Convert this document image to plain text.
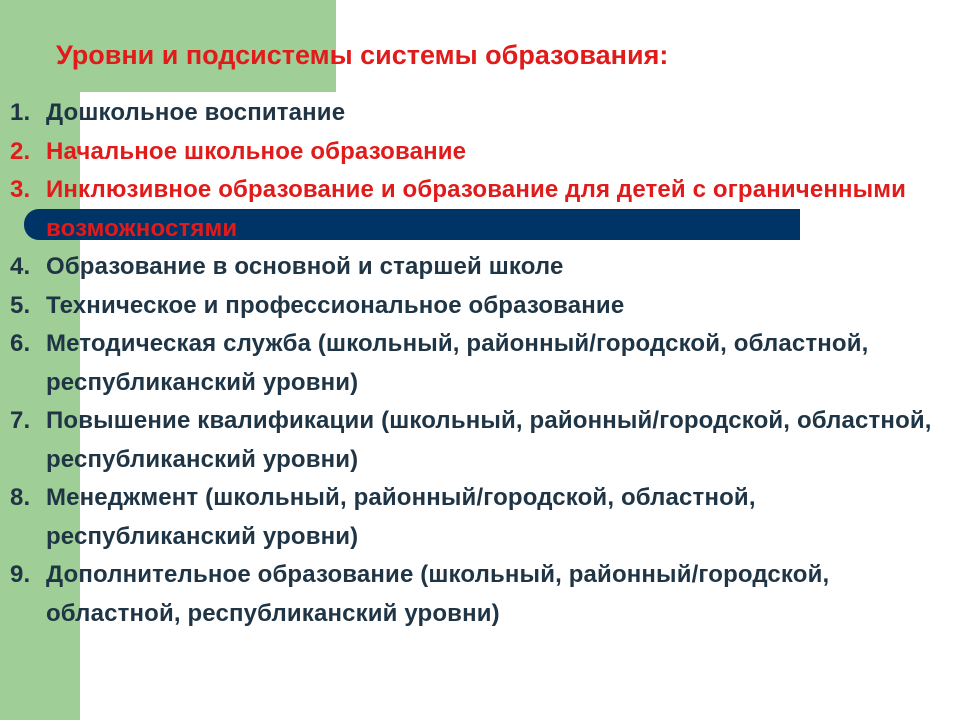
Уровни и подсистемы системы образования:
1. Дошкольное воспитание
2. Начальное школьное образование
3. Инклюзивное образование и образование для детей с ограниченными возможностями
4. Образование в основной и старшей школе
5. Техническое и профессиональное образование
6. Методическая служба (школьный, районный/городской, областной, республиканский уровни)
7. Повышение квалификации (школьный, районный/городской, областной, республиканский уровни)
8. Менеджмент (школьный, районный/городской, областной, республиканский уровни)
9. Дополнительное образование (школьный, районный/городской, областной, республиканский уровни)
